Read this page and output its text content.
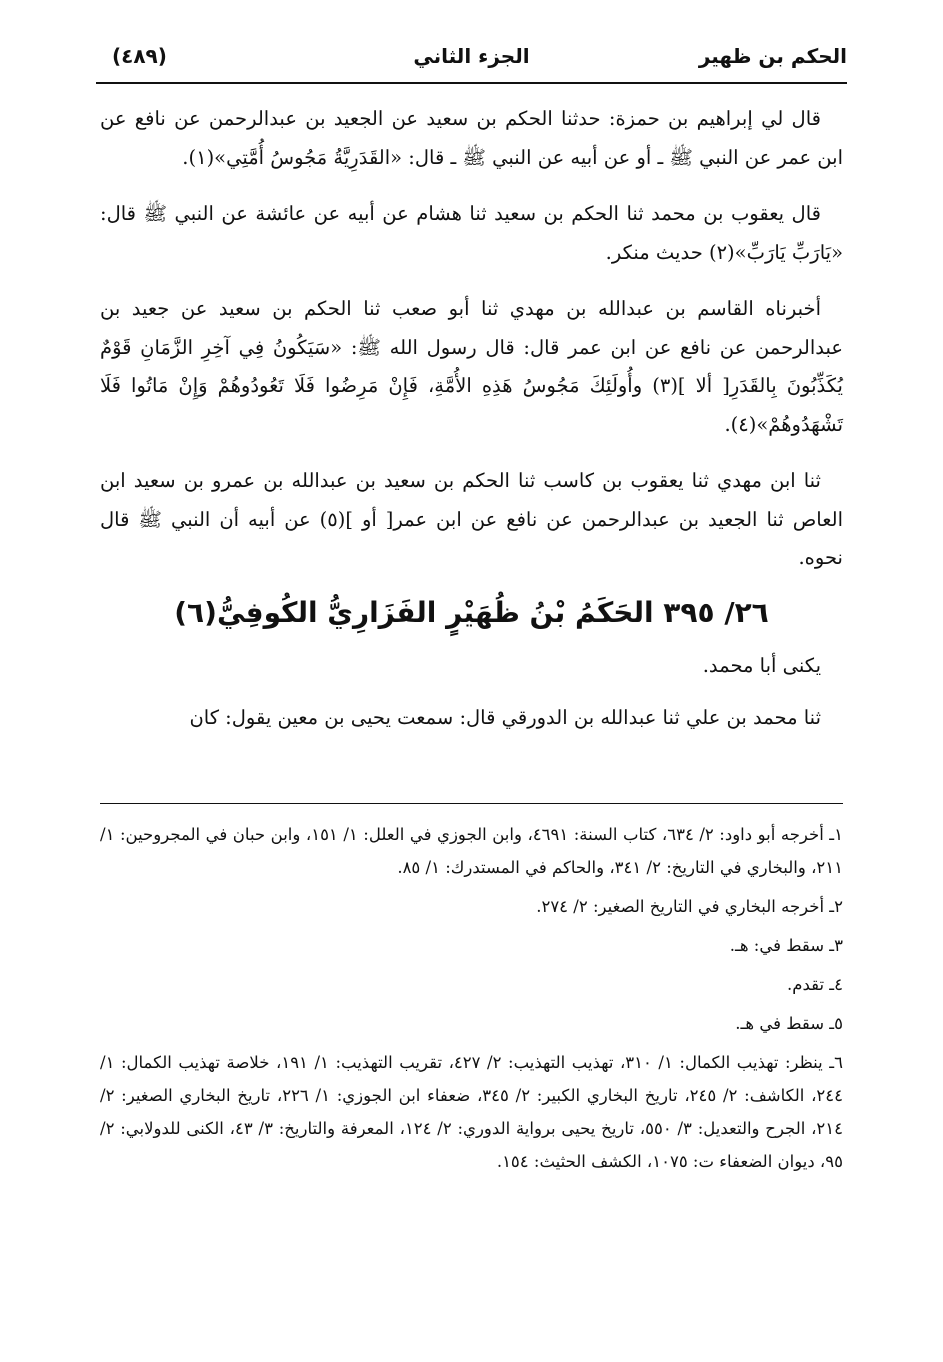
الحكم بن ظهير
الجزء الثاني
(٤٨٩)

قال لي إبراهيم بن حمزة: حدثنا الحكم بن سعيد عن الجعيد بن عبدالرحمن عن نافع عن ابن عمر عن النبي ﷺ ـ أو عن أبيه عن النبي ﷺ ـ قال: «القَدَرِيَّةُ مَجُوسُ أُمَّتِي»(١).

قال يعقوب بن محمد ثنا الحكم بن سعيد ثنا هشام عن أبيه عن عائشة عن النبي ﷺ قال: «يَارَبِّ يَارَبِّ»(٢) حديث منكر.

أخبرناه القاسم بن عبدالله بن مهدي ثنا أبو صعب ثنا الحكم بن سعيد عن جعيد بن عبدالرحمن عن نافع عن ابن عمر قال: قال رسول الله ﷺ: «سَيَكُونُ فِي آخِرِ الزَّمَانِ قَوْمٌ يُكَذِّبُونَ بِالقَدَرِ[ ألا ](٣) وأُولَئِكَ مَجُوسُ هَذِهِ الأُمَّةِ، فَإِنْ مَرِضُوا فَلَا تَعُودُوهُمْ وَإِنْ مَاتُوا فَلَا تَشْهَدُوهُمْ»(٤).

ثنا ابن مهدي ثنا يعقوب بن كاسب ثنا الحكم بن سعيد بن عبدالله بن عمرو بن سعيد ابن العاص ثنا الجعيد بن عبدالرحمن عن نافع عن ابن عمر[ أو ](٥) عن أبيه أن النبي ﷺ قال نحوه.

٢٦/ ٣٩٥ الحَكَمُ بْنُ ظُهَيْرٍ الفَزَارِيُّ الكُوفِيُّ(٦)

يكنى أبا محمد.

ثنا محمد بن علي ثنا عبدالله بن الدورقي قال: سمعت يحيى بن معين يقول: كان

١ـ أخرجه أبو داود: ٢/ ٦٣٤، كتاب السنة: ٤٦٩١، وابن الجوزي في العلل: ١/ ١٥١، وابن حبان في المجروحين: ١/ ٢١١، والبخاري في التاريخ: ٢/ ٣٤١، والحاكم في المستدرك: ١/ ٨٥.

٢ـ أخرجه البخاري في التاريخ الصغير: ٢/ ٢٧٤.

٣ـ سقط في: هـ.

٤ـ تقدم.

٥ـ سقط في هـ.

٦ـ ينظر: تهذيب الكمال: ١/ ٣١٠، تهذيب التهذيب: ٢/ ٤٢٧، تقريب التهذيب: ١/ ١٩١، خلاصة تهذيب الكمال: ١/ ٢٤٤، الكاشف: ٢/ ٢٤٥، تاريخ البخاري الكبير: ٢/ ٣٤٥، ضعفاء ابن الجوزي: ١/ ٢٢٦، تاريخ البخاري الصغير: ٢/ ٢١٤، الجرح والتعديل: ٣/ ٥٥٠، تاريخ يحيى برواية الدوري: ٢/ ١٢٤، المعرفة والتاريخ: ٣/ ٤٣، الكنى للدولابي: ٢/ ٩٥، ديوان الضعفاء ت: ١٠٧٥، الكشف الحثيث: ١٥٤.
